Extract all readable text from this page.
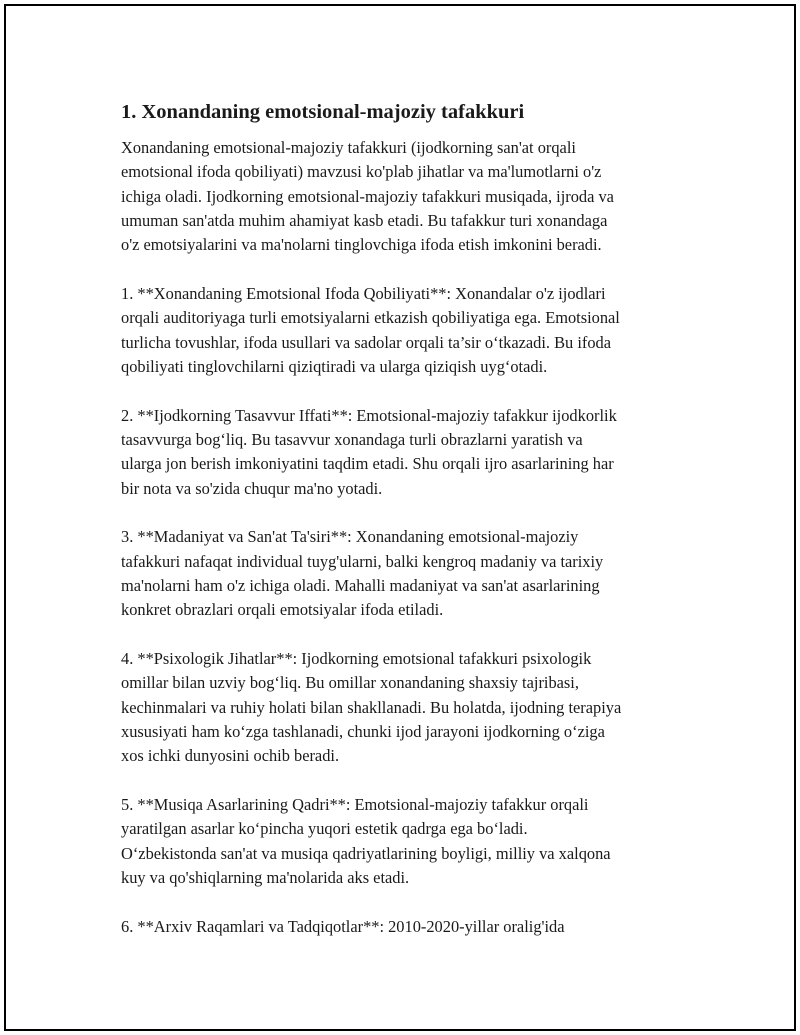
1. Xonandaning emotsional-majoziy tafakkuri

Xonandaning emotsional-majoziy tafakkuri (ijodkorning san'at orqali
emotsional ifoda qobiliyati) mavzusi ko'plab jihatlar va ma'lumotlarni o'z
ichiga oladi. Ijodkorning emotsional-majoziy tafakkuri musiqada, ijroda va
umuman san'atda muhim ahamiyat kasb etadi. Bu tafakkur turi xonandaga
o'z emotsiyalarini va ma'nolarni tinglovchiga ifoda etish imkonini beradi.

1. **Xonandaning Emotsional Ifoda Qobiliyati**: Xonandalar o'z ijodlari
orqali auditoriyaga turli emotsiyalarni etkazish qobiliyatiga ega. Emotsional
turlicha tovushlar, ifoda usullari va sadolar orqali ta’sir o‘tkazadi. Bu ifoda
qobiliyati tinglovchilarni qiziqtiradi va ularga qiziqish uyg‘otadi.

2. **Ijodkorning Tasavvur Iffati**: Emotsional-majoziy tafakkur ijodkorlik
tasavvurga bog‘liq. Bu tasavvur xonandaga turli obrazlarni yaratish va
ularga jon berish imkoniyatini taqdim etadi. Shu orqali ijro asarlarining har
bir nota va so'zida chuqur ma'no yotadi.

3. **Madaniyat va San'at Ta'siri**: Xonandaning emotsional-majoziy
tafakkuri nafaqat individual tuyg'ularni, balki kengroq madaniy va tarixiy
ma'nolarni ham o'z ichiga oladi. Mahalli madaniyat va san'at asarlarining
konkret obrazlari orqali emotsiyalar ifoda etiladi.

4. **Psixologik Jihatlar**: Ijodkorning emotsional tafakkuri psixologik
omillar bilan uzviy bog‘liq. Bu omillar xonandaning shaxsiy tajribasi,
kechinmalari va ruhiy holati bilan shakllanadi. Bu holatda, ijodning terapiya
xususiyati ham ko‘zga tashlanadi, chunki ijod jarayoni ijodkorning o‘ziga
xos ichki dunyosini ochib beradi.

5. **Musiqa Asarlarining Qadri**: Emotsional-majoziy tafakkur orqali
yaratilgan asarlar ko‘pincha yuqori estetik qadrga ega bo‘ladi.
O‘zbekistonda san'at va musiqa qadriyatlarining boyligi, milliy va xalqona
kuy va qo'shiqlarning ma'nolarida aks etadi.

6. **Arxiv Raqamlari va Tadqiqotlar**: 2010-2020-yillar oralig'ida
